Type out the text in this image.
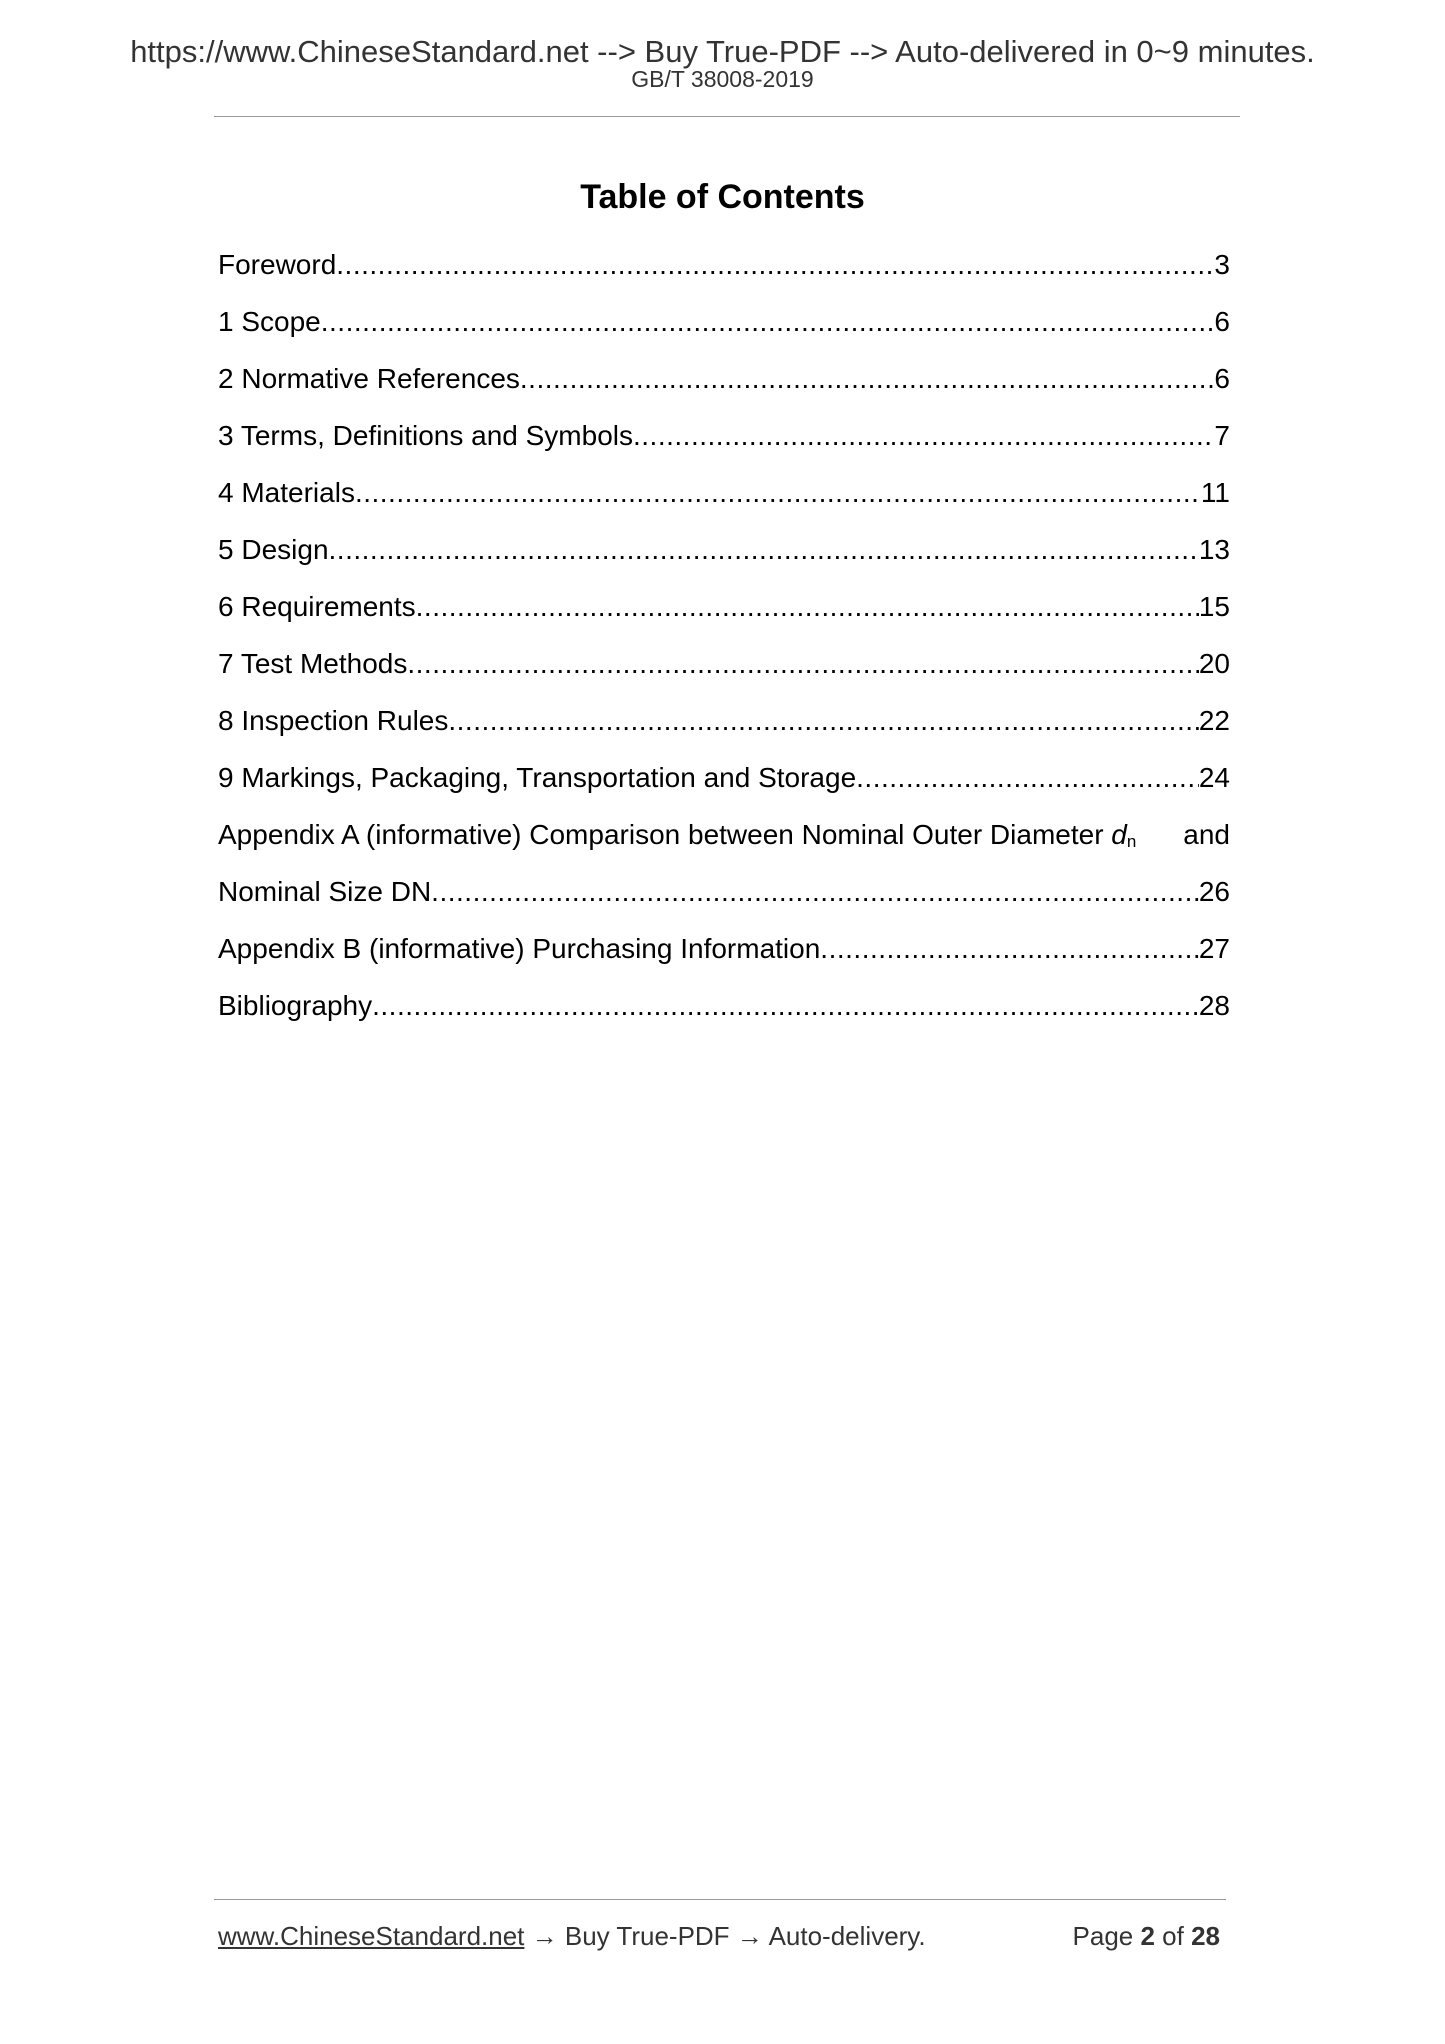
https://www.ChineseStandard.net --> Buy True-PDF --> Auto-delivered in 0~9 minutes.
GB/T 38008-2019
Table of Contents
Foreword .....	3
1 Scope .....	6
2 Normative References .....	6
3 Terms, Definitions and Symbols .....	7
4 Materials .....	11
5 Design .....	13
6 Requirements .....	15
7 Test Methods .....	20
8 Inspection Rules .....	22
9 Markings, Packaging, Transportation and Storage .....	24
Appendix A (informative) Comparison between Nominal Outer Diameter $d_n$ and
Nominal Size DN .....	26
Appendix B (informative) Purchasing Information .....	27
Bibliography .....	28
www.ChineseStandard.net → Buy True-PDF → Auto-delivery.	Page 2 of 28
